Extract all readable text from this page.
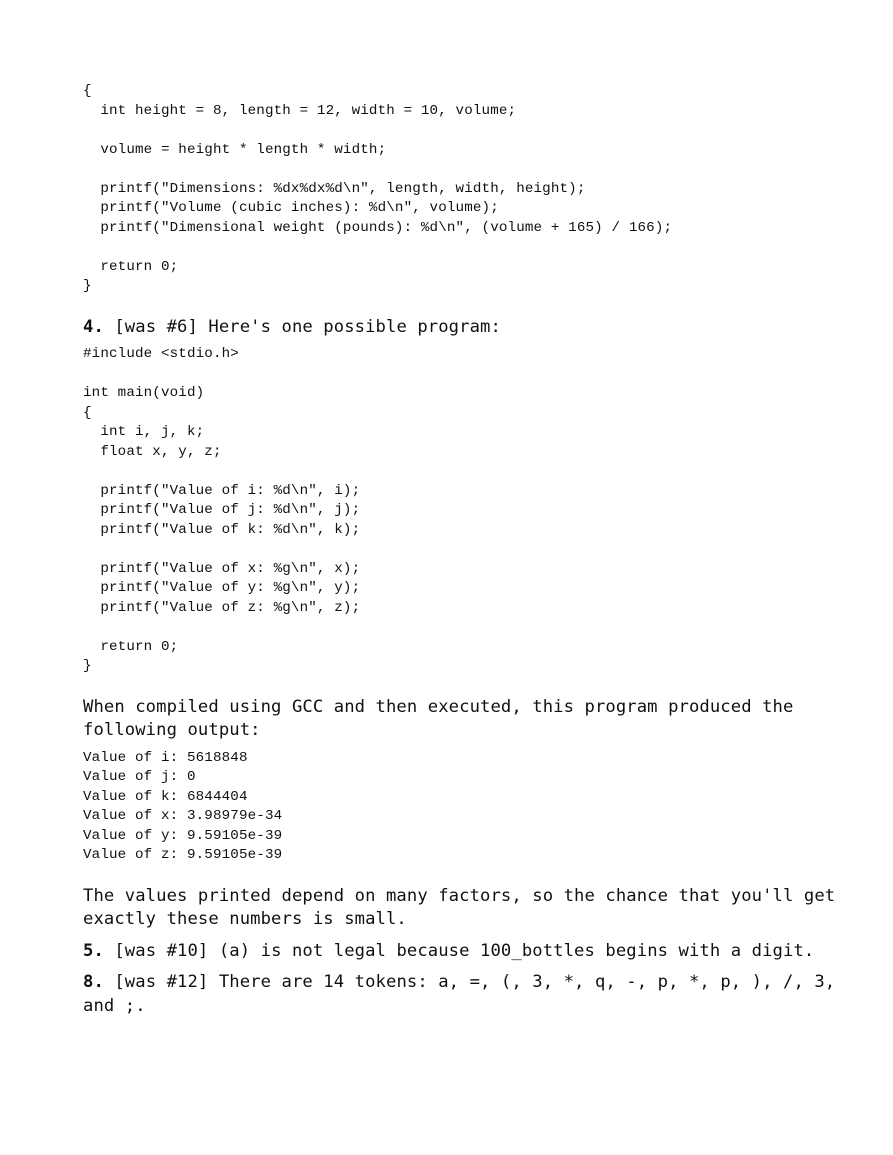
{
int height = 8, length = 12, width = 10, volume;

volume = height * length * width;

printf("Dimensions: %dx%dx%d\n", length, width, height);
printf("Volume (cubic inches): %d\n", volume);
printf("Dimensional weight (pounds): %d\n", (volume + 165) / 166);

return 0;
}

4. [was #6] Here's one possible program:

#include <stdio.h>

int main(void)
{
int i, j, k;
float x, y, z;

printf("Value of i: %d\n", i);
printf("Value of j: %d\n", j);
printf("Value of k: %d\n", k);

printf("Value of x: %g\n", x);
printf("Value of y: %g\n", y);
printf("Value of z: %g\n", z);

return 0;
}

When compiled using GCC and then executed, this program produced the following output:

Value of i: 5618848
Value of j: 0
Value of k: 6844404
Value of x: 3.98979e-34
Value of y: 9.59105e-39
Value of z: 9.59105e-39

The values printed depend on many factors, so the chance that you'll get exactly these numbers is small.

5. [was #10] (a) is not legal because 100_bottles begins with a digit.

8. [was #12] There are 14 tokens: a, =, (, 3, *, q, -, p, *, p, ), /, 3, and ;.
